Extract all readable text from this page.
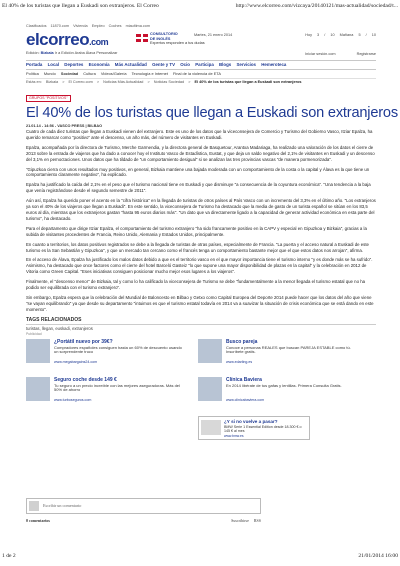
El 40% de los turistas que llegan a Euskadi son extranjeros. El Correo	http://www.elcorreo.com/vizcaya/20140121/mas-actualidad/sociedad/t...
Clasificados 11870.com Vivienda Empleo Coches miaultima.com
elcorreo.com
Edición: Bizkaia Ir a Edición Araba Álava Personalizar
CONSULTORIO
DE INGLÉS
Expertos responden a tus dudas
Martes, 21 enero 2014	Hoy 3 / 10 Mañana 5 / 10
Iniciar sesión.com	Registrarse
Portada Local Deportes Economía Más Actualidad Gente y TV Ocio Participa Blogs Servicios Hemeroteca
Política Mundo Sociedad Cultura Videos/Galería Tecnología e Internet Final de la violencia de ETA
Estás en: Bizkaia > El Correo.com > Noticias Más Actualidad > Noticias Sociedad > El 40% de los turistas que llegan a Euskadi son extranjeros
GRUPOS "POSITIVOS"
El 40% de los turistas que llegan a Euskadi son extranjeros
21.01.14 - 14:56 - VASCO PRESS | BILBAO

Cuatro de cada diez turistas que llegan a Euskadi vienen del extranjero. Este es uno de los datos que la viceconsejera de Comercio y Turismo del Gobierno Vasco, Itziar Epalza, ha querido remarcar como "positivo" ante el descenso, un año más, del número de visitantes en Euskadi.

Epalza, acompañada por la directora de Turismo, Merche Garmendia, y la directora general de Basquetour, Arantxa Madariaga, ha realizado una valoración de los datos el cierre de 2013 sobre la entrada de viajeros que ha dado a conocer hoy el Instituto Vasco de Estadística, Eustat, y que deja un saldo negativo del 2,1% de visitantes en Euskadi y un descenso del 3,1% en pernoctaciones. Unos datos que ha tildado de "un comportamiento desigual" si se analizan las tres provincias vascas "de manera pormenorizada".

"Gipuzkoa cierra con unos resultados muy positivos, en general, Bizkaia mantiene una bajada moderada con un comportamiento de la costa o la capital y Álava es la que tiene un comportamiento claramente negativo", ha explicado.

Epalza ha justificado la caída del 2,1% en el peso que el turismo nacional tiene en Euskadi y que disminuye "a consecuencia de la coyuntura económica". "Una tendencia a la baja que venía registrándose desde el segundo semestre de 2011".

Aún así, Epalza ha querido poner el acento en la "cifra histórica" en la llegada de turistas de otros países al País Vasco con un incremento del 3,3% en el último año. "Los extranjeros ya son el 40% de los viajeros que llegan a Euskadi". En este sentido, la viceconsejera de Turismo ha destacado que la media de gasto de un turista español se sitúan en los 83,5 euros al día, mientras que los extranjeros gastan "hasta 95 euros diarios más". "Un dato que va directamente ligado a la capacidad de generar actividad económica en esta parte del turismo", ha destacado.

Para el departamento que dirige Itziar Epalza, el comportamiento del turismo extranjero "ha sido francamente positivo en la CAPV y especial en Gipuzkoa y Bizkaia", gracias a la subida de visitantes procedentes de Francia, Reino Unido, Alemania y Estados Unidos, principalmente.

En cuanto a territorios, los datos positivos registrados se debe a la llegada de turistas de otras países, especialmente de Francia. "La puerta y el acceso natural a Euskadi de este turismo es la San Sebastián y Gipuzkoa", y que un mercado tan cercano como el francés tenga un comportamiento bastante mejor que el que estos datos nos arrojan", afirma.

En el acceso de Álava, Epalza ha justificado los malos datos debido a que es el territorio vasco en el que mayor importancia tiene el turismo interno "y es donde más se ha sufrido". Asimismo, ha destacado que once factores como el cierre del hotel Barceló Gasteiz "lo que supone una mayor disponibilidad de plazas en la capital" y la celebración en 2012 de Vitoria como Green Capital. "Eses iniciativas consiguen posicionar mucho mejor esos lugares a los viajeros".

Finalmente, el "descenso menor" de Bizkaia, tal y como lo ha calificado la viceconsejera de Turismo se debe "fundamentalmente a la menor llegada el turismo estatal que no ha podido ser equilibrada con el turismo extranjero".

Sin embargo, Epalza espera que la celebración del Mundial de Baloncesto en Bilbao y Getxo como Capital Europea del Deporte 2014 puede hacer que los datos del año que viene "se vayan equilibrando" ya que desde su departamento "intuimos es que el turismo estatal todavía en 2014 va a suavizar la situación de crisis económica que se está dando en este momento".

TAGS RELACIONADOS
turistas, llegan, euskadi, extranjeros
Publicidad
¿Portátil nuevo por 39€?
Compradores españoles consiguen hasta un 60% de descuento usando un sorprendente truco
www.megabargains24.com
Busco pareja
Conoce a personas REALES que buscan PAREJA ESTABLE como tú. Inscríbete gratis.
www.edarling.es
Seguro coche desde 149 €
Tu seguro a un precio increíble con las mejores aseguradoras. Más del 50% de ahorro
www.turboseguros.com
Clínica Baviera
En 2014 libérate de tus gafas y lentillas. Primera Consulta Gratis.
www.clinicabaviera.com
¿Y si no vuelve a pasar?
BMW Serie 1 Essential Edition desde 18.300 € o 145 € al mes
www.bmw.es
Escribir un comentario
0 comentarios	Suscribirse RSS
1 de 2	21/01/2014 16:00
